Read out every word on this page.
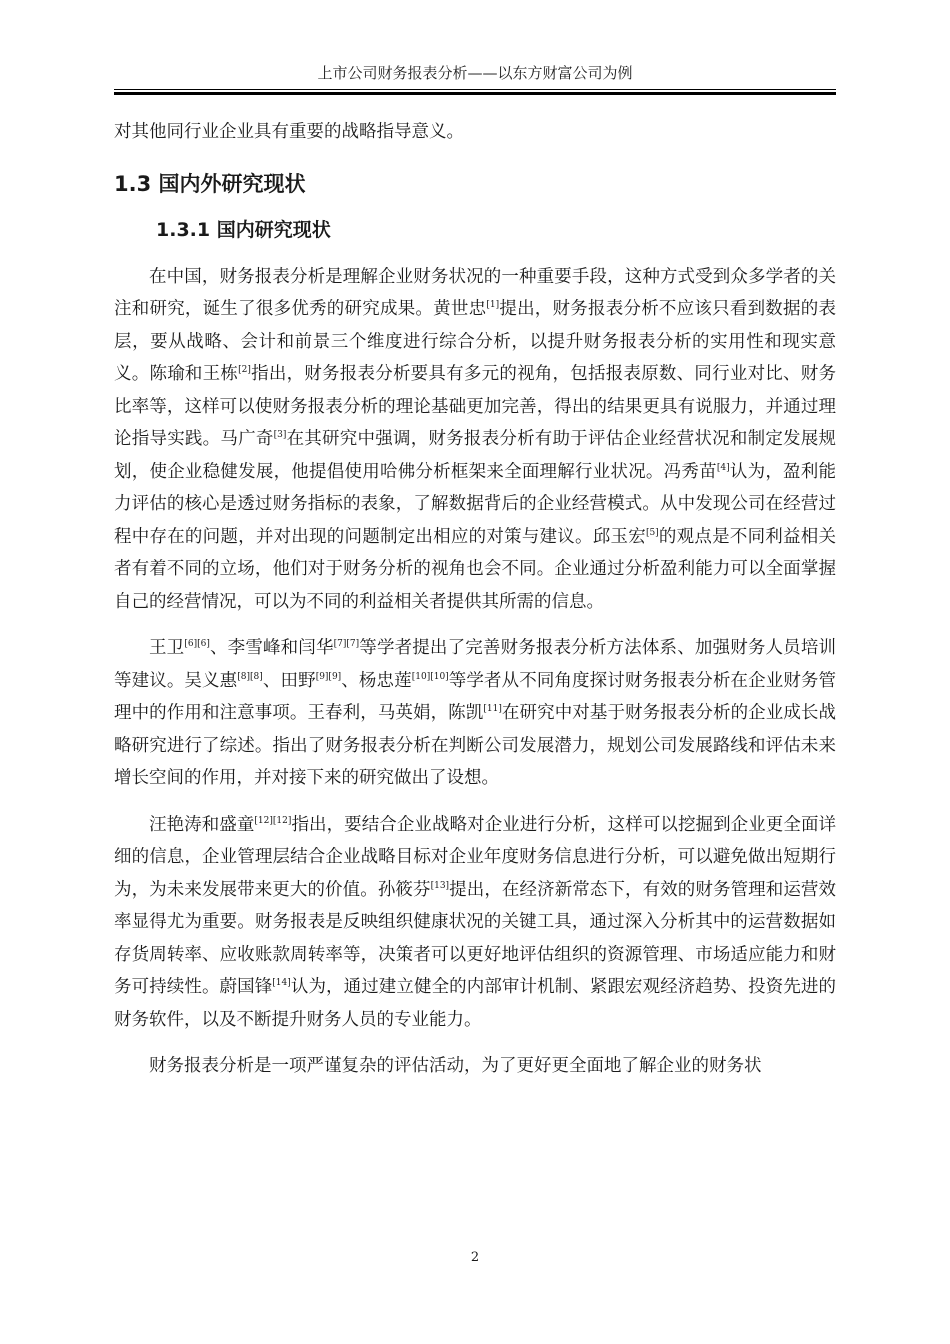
上市公司财务报表分析——以东方财富公司为例

对其他同行业企业具有重要的战略指导意义。

1.3 国内外研究现状
1.3.1 国内研究现状

在中国，财务报表分析是理解企业财务状况的一种重要手段，这种方式受到众多学者的关注和研究，诞生了很多优秀的研究成果。黄世忠[1]提出，财务报表分析不应该只看到数据的表层，要从战略、会计和前景三个维度进行综合分析，以提升财务报表分析的实用性和现实意义。陈瑜和王栋[2]指出，财务报表分析要具有多元的视角，包括报表原数、同行业对比、财务比率等，这样可以使财务报表分析的理论基础更加完善，得出的结果更具有说服力，并通过理论指导实践。马广奇[3]在其研究中强调，财务报表分析有助于评估企业经营状况和制定发展规划，使企业稳健发展，他提倡使用哈佛分析框架来全面理解行业状况。冯秀苗[4]认为，盈利能力评估的核心是透过财务指标的表象，了解数据背后的企业经营模式。从中发现公司在经营过程中存在的问题，并对出现的问题制定出相应的对策与建议。邱玉宏[5]的观点是不同利益相关者有着不同的立场，他们对于财务分析的视角也会不同。企业通过分析盈利能力可以全面掌握自己的经营情况，可以为不同的利益相关者提供其所需的信息。

王卫[6][6]、李雪峰和闫华[7][7]等学者提出了完善财务报表分析方法体系、加强财务人员培训等建议。吴义惠[8][8]、田野[9][9]、杨忠莲[10][10]等学者从不同角度探讨财务报表分析在企业财务管理中的作用和注意事项。王春利，马英娟，陈凯[11]在研究中对基于财务报表分析的企业成长战略研究进行了综述。指出了财务报表分析在判断公司发展潜力，规划公司发展路线和评估未来增长空间的作用，并对接下来的研究做出了设想。

汪艳涛和盛童[12][12]指出，要结合企业战略对企业进行分析，这样可以挖掘到企业更全面详细的信息，企业管理层结合企业战略目标对企业年度财务信息进行分析，可以避免做出短期行为，为未来发展带来更大的价值。孙筱芬[13]提出，在经济新常态下，有效的财务管理和运营效率显得尤为重要。财务报表是反映组织健康状况的关键工具，通过深入分析其中的运营数据如存货周转率、应收账款周转率等，决策者可以更好地评估组织的资源管理、市场适应能力和财务可持续性。蔚国锋[14]认为，通过建立健全的内部审计机制、紧跟宏观经济趋势、投资先进的财务软件，以及不断提升财务人员的专业能力。

财务报表分析是一项严谨复杂的评估活动，为了更好更全面地了解企业的财务状

2
